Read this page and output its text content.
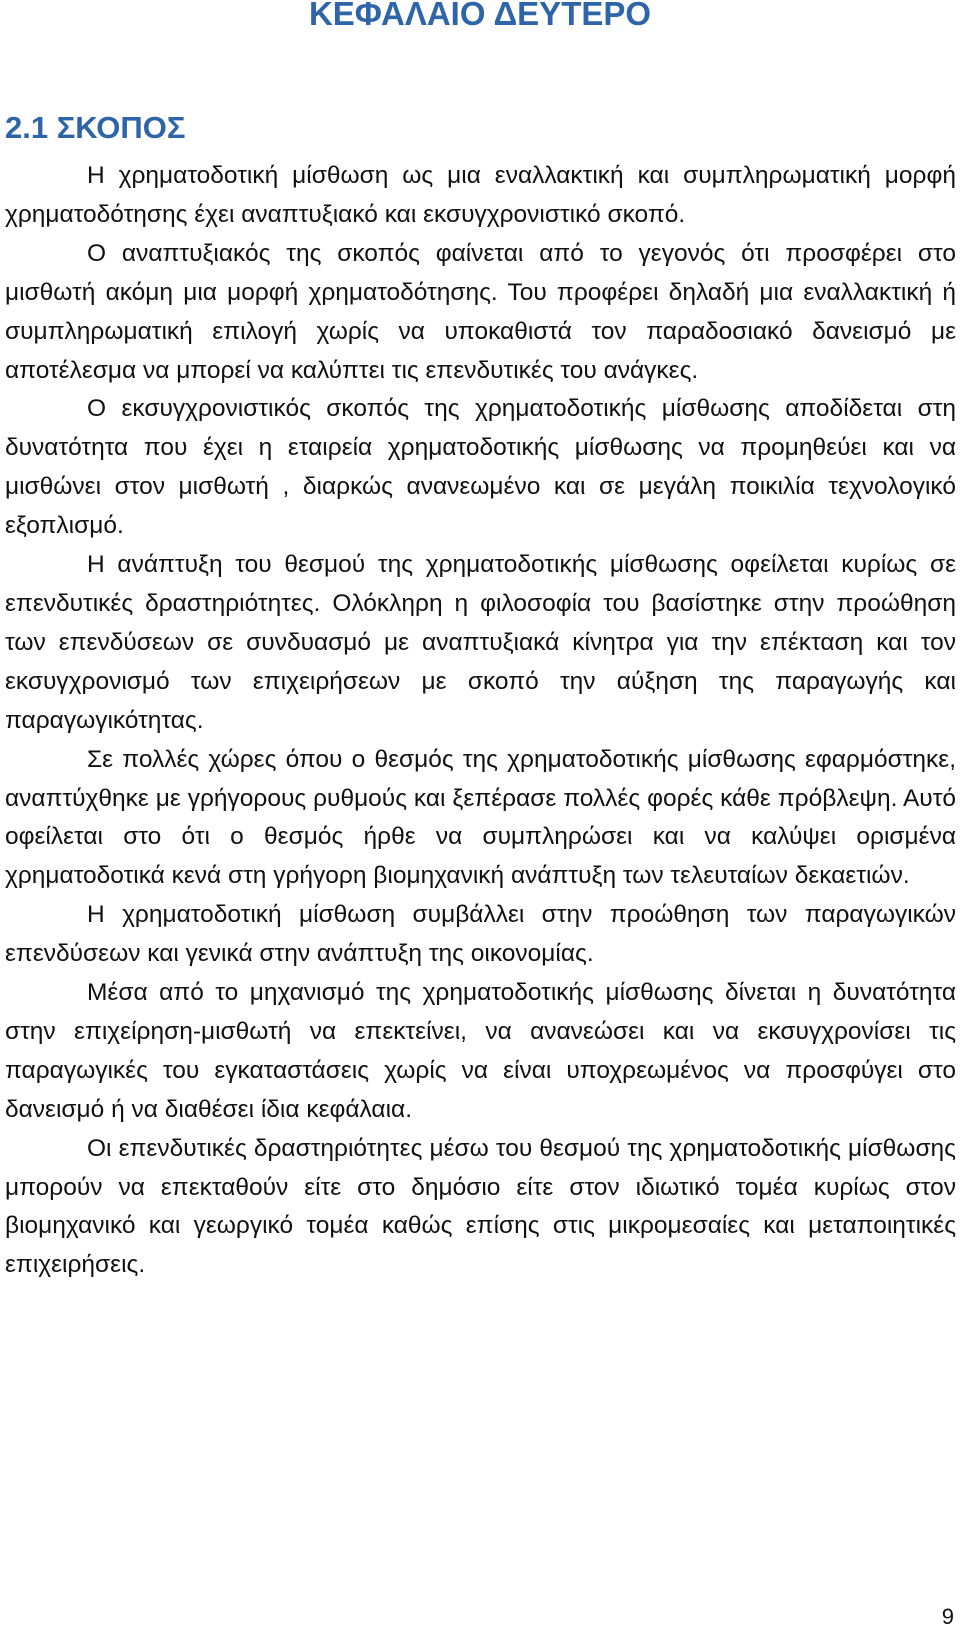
ΚΕΦΑΛΑΙΟ ΔΕΥΤΕΡΟ
2.1 ΣΚΟΠΟΣ

Η χρηματοδοτική μίσθωση ως μια εναλλακτική και συμπληρωματική μορφή χρηματοδότησης έχει αναπτυξιακό και εκσυγχρονιστικό σκοπό.

Ο αναπτυξιακός της σκοπός φαίνεται από το γεγονός ότι προσφέρει στο μισθωτή ακόμη μια μορφή χρηματοδότησης. Του προφέρει δηλαδή μια εναλλακτική ή συμπληρωματική επιλογή χωρίς να υποκαθιστά τον παραδοσιακό δανεισμό με αποτέλεσμα να μπορεί να καλύπτει τις επενδυτικές του ανάγκες.

Ο εκσυγχρονιστικός σκοπός της χρηματοδοτικής μίσθωσης αποδίδεται στη δυνατότητα που έχει η εταιρεία χρηματοδοτικής μίσθωσης να προμηθεύει και να μισθώνει στον μισθωτή , διαρκώς ανανεωμένο και σε μεγάλη ποικιλία τεχνολογικό εξοπλισμό.

Η ανάπτυξη του θεσμού της χρηματοδοτικής μίσθωσης οφείλεται κυρίως σε επενδυτικές δραστηριότητες. Ολόκληρη η φιλοσοφία του βασίστηκε στην προώθηση των επενδύσεων σε συνδυασμό με αναπτυξιακά κίνητρα για την επέκταση και τον εκσυγχρονισμό των επιχειρήσεων με σκοπό την αύξηση της παραγωγής και παραγωγικότητας.

Σε πολλές χώρες όπου ο θεσμός της χρηματοδοτικής μίσθωσης εφαρμόστηκε, αναπτύχθηκε με γρήγορους ρυθμούς και ξεπέρασε πολλές φορές κάθε πρόβλεψη. Αυτό οφείλεται στο ότι ο θεσμός ήρθε να συμπληρώσει και να καλύψει ορισμένα χρηματοδοτικά κενά στη γρήγορη βιομηχανική ανάπτυξη των τελευταίων δεκαετιών.

Η χρηματοδοτική μίσθωση συμβάλλει στην προώθηση των παραγωγικών επενδύσεων και γενικά στην ανάπτυξη της οικονομίας.

Μέσα από το μηχανισμό της χρηματοδοτικής μίσθωσης δίνεται η δυνατότητα στην επιχείρηση-μισθωτή να επεκτείνει, να ανανεώσει και να εκσυγχρονίσει τις παραγωγικές του εγκαταστάσεις χωρίς να είναι υποχρεωμένος να προσφύγει στο δανεισμό ή να διαθέσει ίδια κεφάλαια.

Οι επενδυτικές δραστηριότητες μέσω του θεσμού της χρηματοδοτικής μίσθωσης μπορούν να επεκταθούν είτε στο δημόσιο είτε στον ιδιωτικό τομέα κυρίως στον βιομηχανικό και γεωργικό τομέα καθώς επίσης στις μικρομεσαίες και μεταποιητικές επιχειρήσεις.

9
